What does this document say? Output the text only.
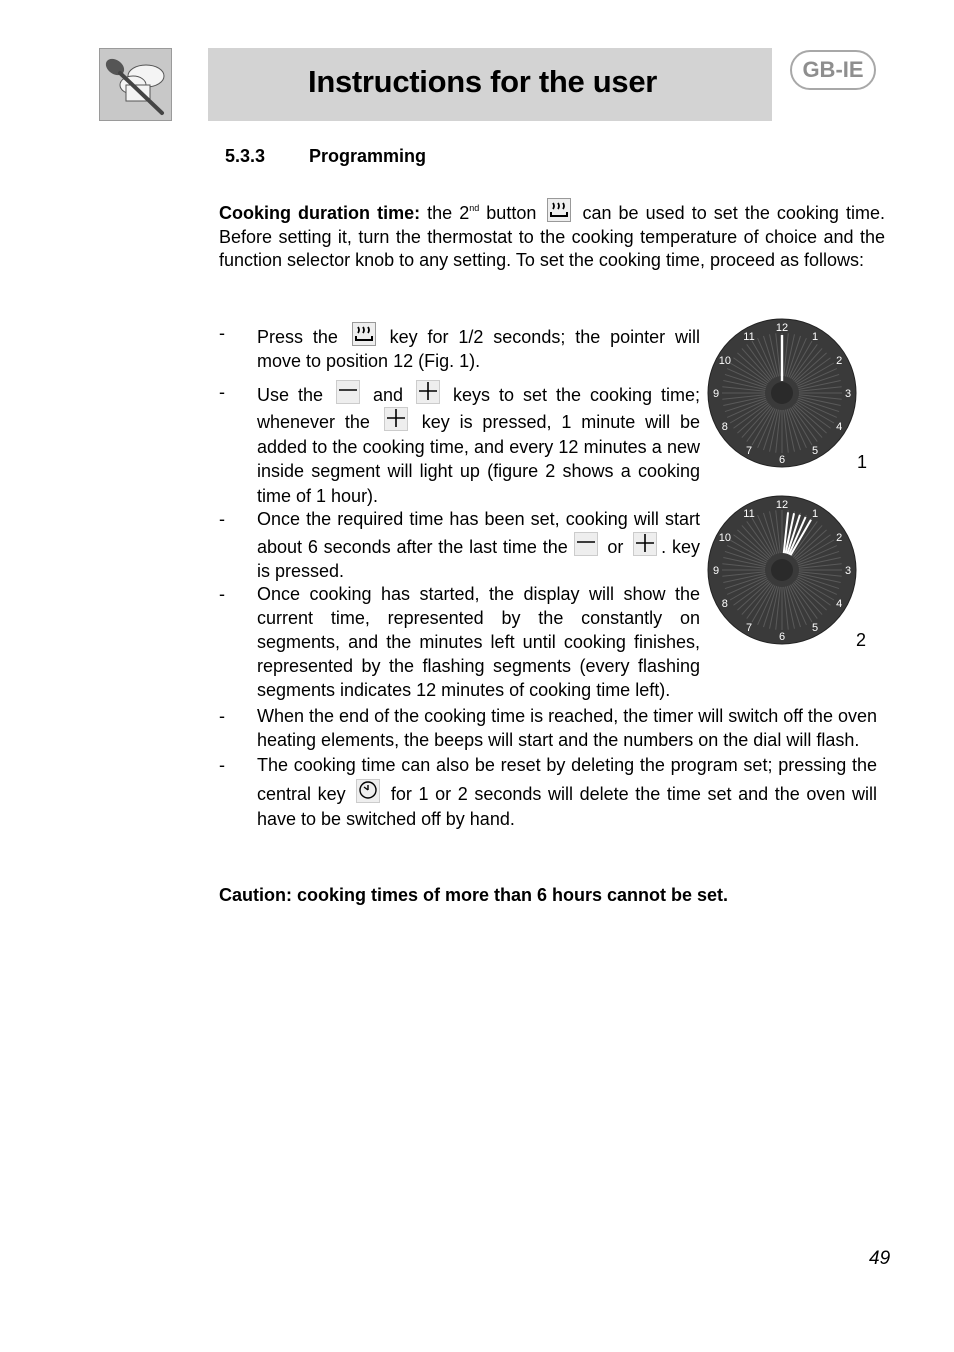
Instructions for the user	GB-IE
5.3.3 Programming
Cooking duration time: the 2nd button
can be used to set the cooking time. Before setting it, turn the thermostat to the cooking temperature of choice and the function selector knob to any setting. To set the cooking time, proceed as follows:
- Press the	key for 1/2 seconds; the pointer will move to position 12 (Fig. 1).
- Use the	and	keys to set the cooking time; whenever the	key is pressed, 1 minute will be added to the cooking time, and every 12 minutes a new inside segment will light up (figure 2 shows a cooking time of 1 hour).
- Once the required time has been set, cooking will start about 6 seconds after the last time the or . key is pressed.
- Once cooking has started, the display will show the current time, represented by the constantly on segments, and the minutes left until cooking finishes, represented by the flashing segments (every flashing segments indicates 12 minutes of cooking time left).
- When the end of the cooking time is reached, the timer will switch off the oven heating elements, the beeps will start and the numbers on the dial will flash.
- The cooking time can also be reset by deleting the program set; pressing the central key	for 1 or 2 seconds will delete the time set and the oven will have to be switched off by hand.
Caution: cooking times of more than 6 hours cannot be set.
12
1
2
3
4
5
6
7
8
9
10
11
1
12
1
2
3
4
5
6
7
8
9
10
11
2
49
